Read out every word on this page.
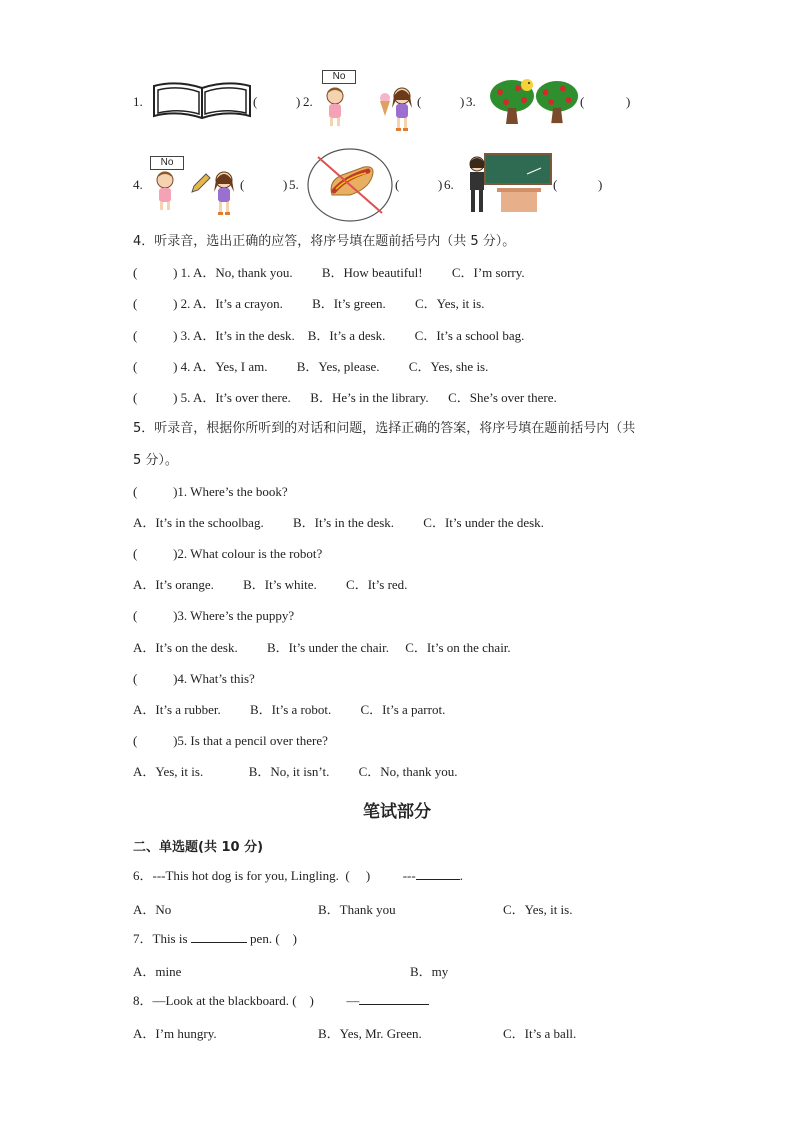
1.	(	) 2.
No
(	) 3.	(	)
4.
No
(	) 5.	(	) 6.	(	)
4．听录音，选出正确的应答，将序号填在题前括号内（共 5 分）。
(           ) 1. A．No, thank you.         B．How beautiful!         C．I’m sorry.
(           ) 2. A．It’s a crayon.         B．It’s green.         C．Yes, it is.
(           ) 3. A．It’s in the desk.    B．It’s a desk.         C．It’s a school bag.
(           ) 4. A．Yes, I am.         B．Yes, please.         C．Yes, she is.
(           ) 5. A．It’s over there.      B．He’s in the library.      C．She’s over there.
5．听录音，根据你所听到的对话和问题，选择正确的答案，将序号填在题前括号内（共
5 分）。
(           )1. Where’s the book?
A．It’s in the schoolbag.         B．It’s in the desk.         C．It’s under the desk.
(           )2. What colour is the robot?
A．It’s orange.         B．It’s white.         C．It’s red.
(           )3. Where’s the puppy?
A．It’s on the desk.         B．It’s under the chair.     C．It’s on the chair.
(           )4. What’s this?
A．It’s a rubber.         B．It’s a robot.         C．It’s a parrot.
(           )5. Is that a pencil over there?
A．Yes, it is.              B．No, it isn’t.         C．No, thank you.
笔试部分
二、单选题(共 10 分)
6．---This hot dog is for you, Lingling.  (     )          ---	.
A．No	B．Thank you	C．Yes, it is.
7．This is	pen. (    )
A．mine	B．my
8．—Look at the blackboard. (    )          —
A．I’m hungry.	B．Yes, Mr. Green.	C．It’s a ball.
